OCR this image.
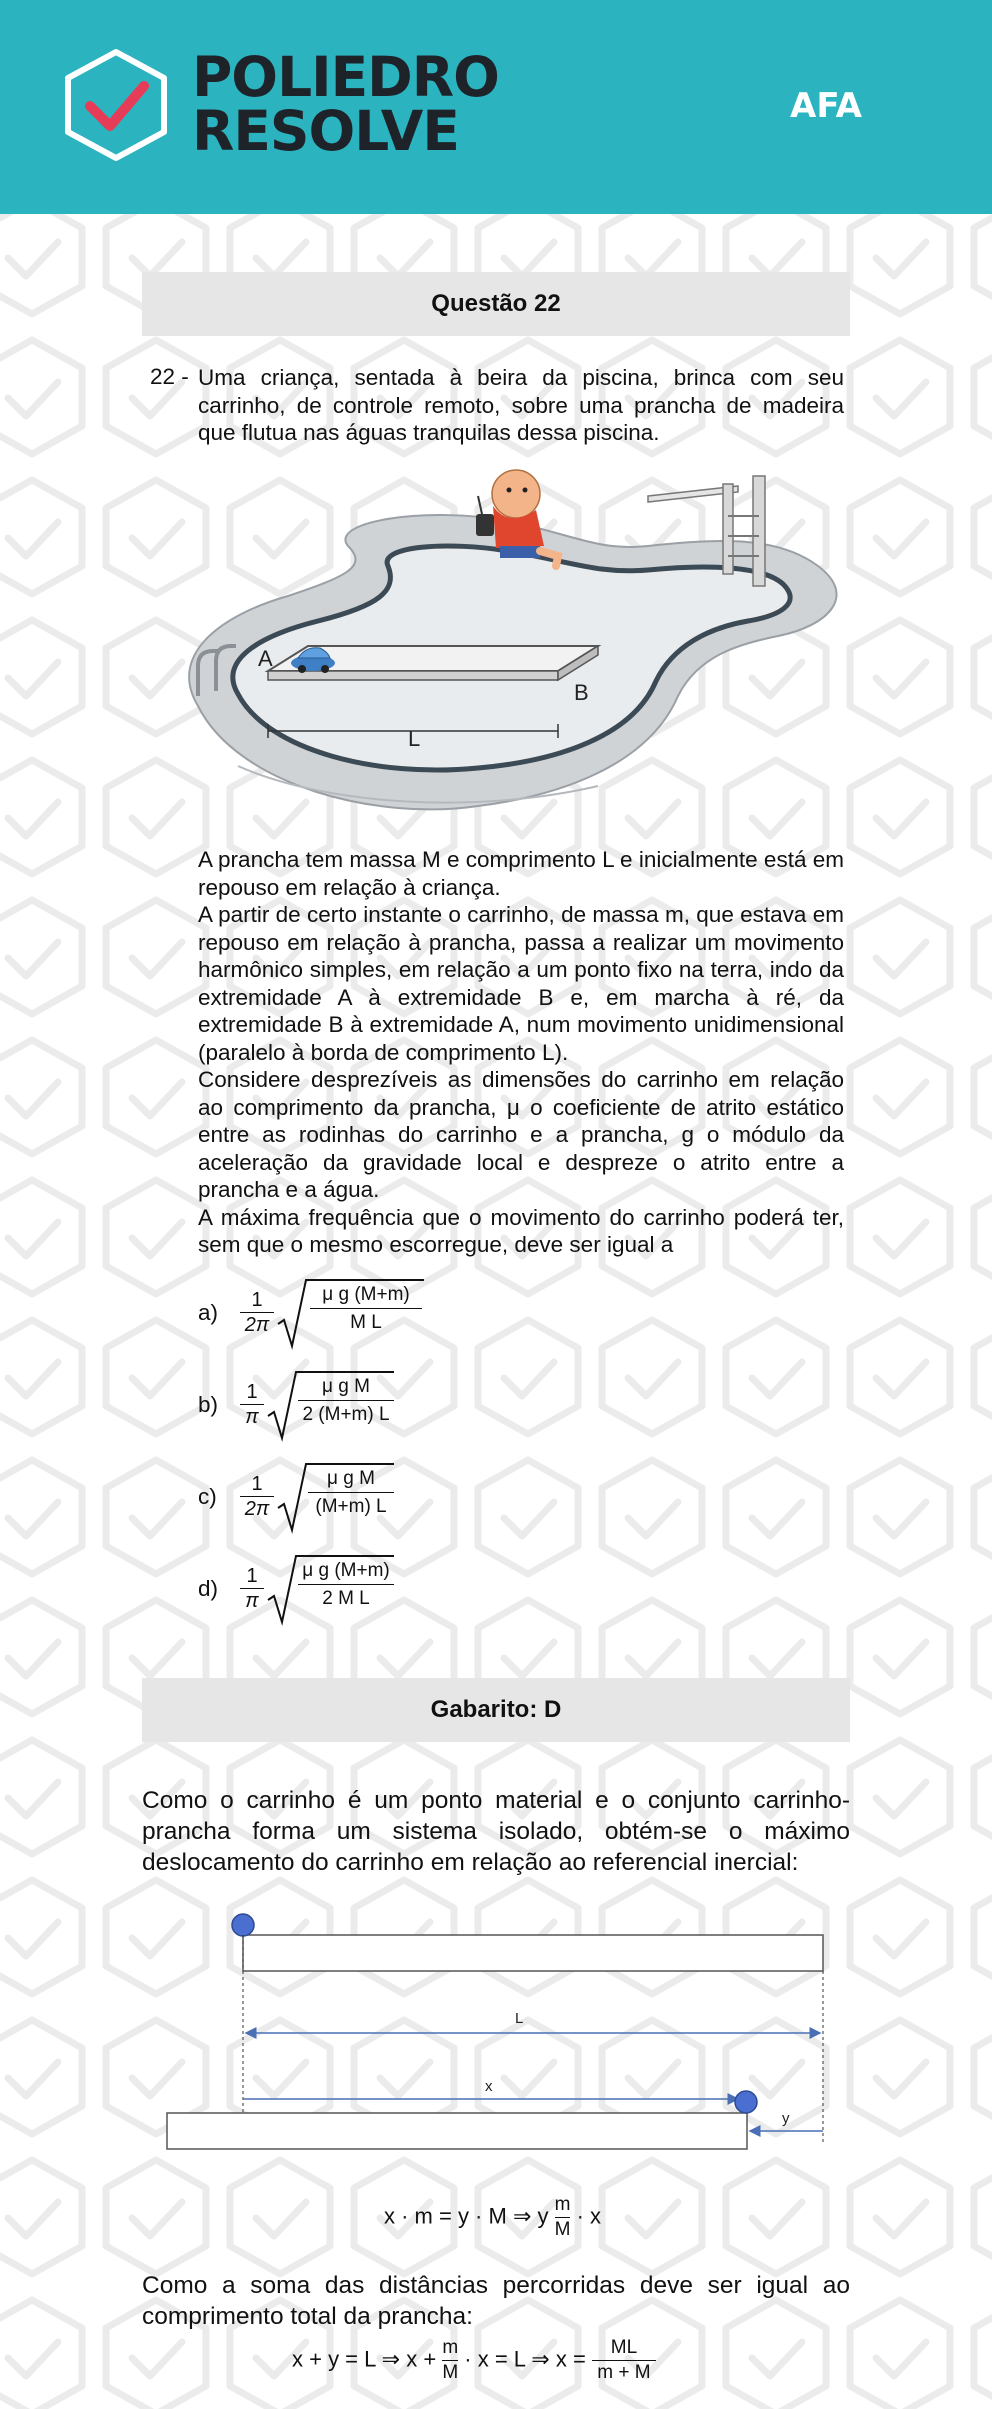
POLIEDRO
RESOLVE	AFA
Questão 22
22 - Uma criança, sentada à beira da piscina, brinca com seu

carrinho, de controle remoto, sobre uma prancha de madeira

que flutua nas águas tranquilas dessa piscina.

A
B
L

A prancha tem massa M e comprimento L e inicialmente está em repouso em relação à criança.

A partir de certo instante o carrinho, de massa m, que estava em repouso em relação à prancha, passa a realizar um movimento harmônico simples, em relação a um ponto fixo na terra, indo da extremidade A à extremidade B e, em marcha à ré, da extremidade B à extremidade A, num movimento unidimensional (paralelo à borda de comprimento L).

Considere desprezíveis as dimensões do carrinho em relação ao comprimento da prancha, μ o coeficiente de atrito estático entre as rodinhas do carrinho e a prancha, g o módulo da aceleração da gravidade local e despreze o atrito entre a prancha e a água.

A máxima frequência que o movimento do carrinho poderá ter, sem que o mesmo escorregue, deve ser igual a

$a) \frac{1}{2\pi} \frac{\text{μ g (M+m)}}{\text{M L}}$
$b) \frac{1}{\pi} \frac{\text{μ g M}}{2 (M+m) L}$
$c) \frac{1}{2\pi} \frac{\text{μ g M}}{(M+m) L}$
$d) \frac{1}{\pi} \frac{\text{μ g (M+m)}}{\text{2 M L}}$
Gabarito: D
Como o carrinho é um ponto material e o conjunto carrinho-prancha forma um sistema isolado, obtém-se o máximo deslocamento do carrinho em relação ao referencial inercial:
L
x
y
x · m = y · M ⇒ y $\frac{m}{M} \cdot x$
Como a soma das distâncias percorridas deve ser igual ao comprimento total da prancha:
x + y = L ⇒ $x + \frac{m}{M} \cdot x = L$ ⇒ $x = \frac{ML}{m + M}$
